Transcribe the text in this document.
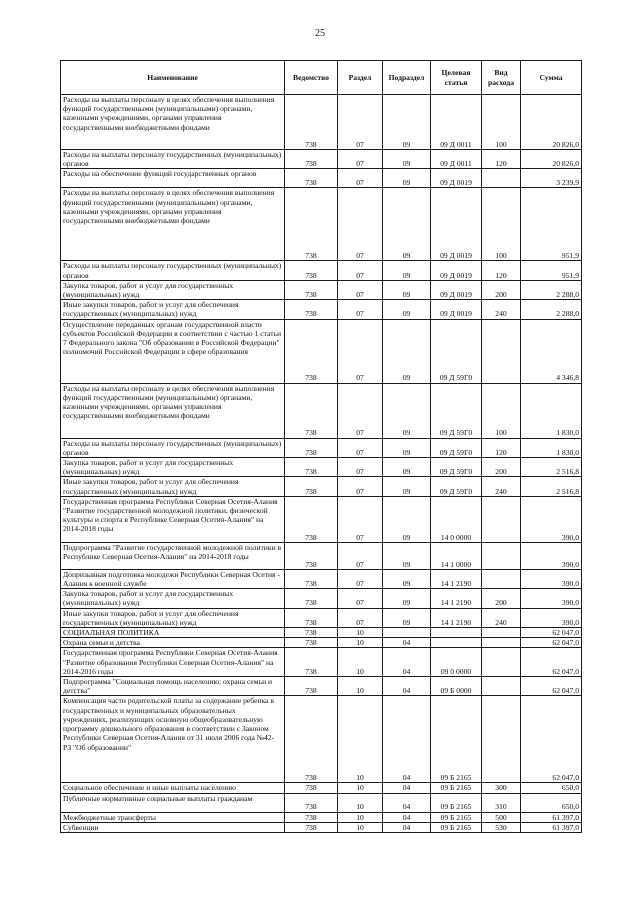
25
Наименование	Ведомство	Раздел	Подраздел	Целевая статья	Вид расхода	Сумма
Расходы на выплаты персоналу в целях обеспечения выполнения функций государственными (муниципальными) органами, казенными учреждениями, органами управления государственными внебюджетными фондами	738	07	09	09 Д 0011	100	20 826,0
Расходы на выплаты персоналу государственных (муниципальных) органов	738	07	09	09 Д 0011	120	20 826,0
Расходы на обеспечение функций государственных органов	738	07	09	09 Д 0019		3 239,9
Расходы на выплаты персоналу в целях обеспечения выполнения функций государственными (муниципальными) органами, казенными учреждениями, органами управления государственными внебюджетными фондами	738	07	09	09 Д 0019	100	951,9
Расходы на выплаты персоналу государственных (муниципальных) органов	738	07	09	09 Д 0019	120	951,9
Закупка товаров, работ и услуг для государственных (муниципальных) нужд	738	07	09	09 Д 0019	200	2 288,0
Иные закупки товаров, работ и услуг для обеспечения государственных (муниципальных) нужд	738	07	09	09 Д 0019	240	2 288,0
Осуществление переданных органам государственной власти субъектов Российской Федерации в соответствии с частью 1 статьи 7 Федерального закона "Об образовании в Российской Федерации" полномочий Российской Федерации в сфере образования	738	07	09	09 Д 59Г0		4 346,8
Расходы на выплаты персоналу в целях обеспечения выполнения функций государственными (муниципальными) органами, казенными учреждениями, органами управления государственными внебюджетными фондами	738	07	09	09 Д 59Г0	100	1 830,0
Расходы на выплаты персоналу государственных (муниципальных) органов	738	07	09	09 Д 59Г0	120	1 830,0
Закупка товаров, работ и услуг для государственных (муниципальных) нужд	738	07	09	09 Д 59Г0	200	2 516,8
Иные закупки товаров, работ и услуг для обеспечения государственных (муниципальных) нужд	738	07	09	09 Д 59Г0	240	2 516,8
Государственная программа Республики Северная Осетия-Алания "Развитие государственной молодежной политики, физической культуры и спорта в Республике Северная Осетия-Алания" на 2014-2018 годы	738	07	09	14 0 0000		390,0
Подпрограмма "Развитие государственной молодежной политики в Республике Северная Осетия-Алания" на 2014-2018 годы	738	07	09	14 1 0000		390,0
Допризывная подготовка молодежи Республики Северная Осетия - Алания к военной службе	738	07	09	14 1 2190		390,0
Закупка товаров, работ и услуг для государственных (муниципальных) нужд	738	07	09	14 1 2190	200	390,0
Иные закупки товаров, работ и услуг для обеспечения государственных (муниципальных) нужд	738	07	09	14 1 2190	240	390,0
СОЦИАЛЬНАЯ ПОЛИТИКА	738	10				62 047,0
Охрана семьи и детства	738	10	04			62 047,0
Государственная программа Республики Северная Осетия-Алания "Развитие образования Республики Северная Осетия-Алания" на 2014-2016 годы	738	10	04	09 0 0000		62 047,0
Подпрограмма "Социальная помощь населению: охрана семьи и детства"	738	10	04	09 Б 0000		62 047,0
Компенсация части родительской платы за содержание ребенка в государственных и муниципальных образовательных учреждениях, реализующих основную общеобразовательную программу дошкольного образования в соответствии с Законом Республики Северная Осетия-Алания от 31 июля 2006 года №42-РЗ "Об образовании"	738	10	04	09 Б 2165		62 047,0
Социальное обеспечение и иные выплаты населению	738	10	04	09 Б 2165	300	650,0
Публичные нормативные социальные выплаты гражданам	738	10	04	09 Б 2165	310	650,0
Межбюджетные трансферты	738	10	04	09 Б 2165	500	61 397,0
Субвенции	738	10	04	09 Б 2165	530	61 397,0
